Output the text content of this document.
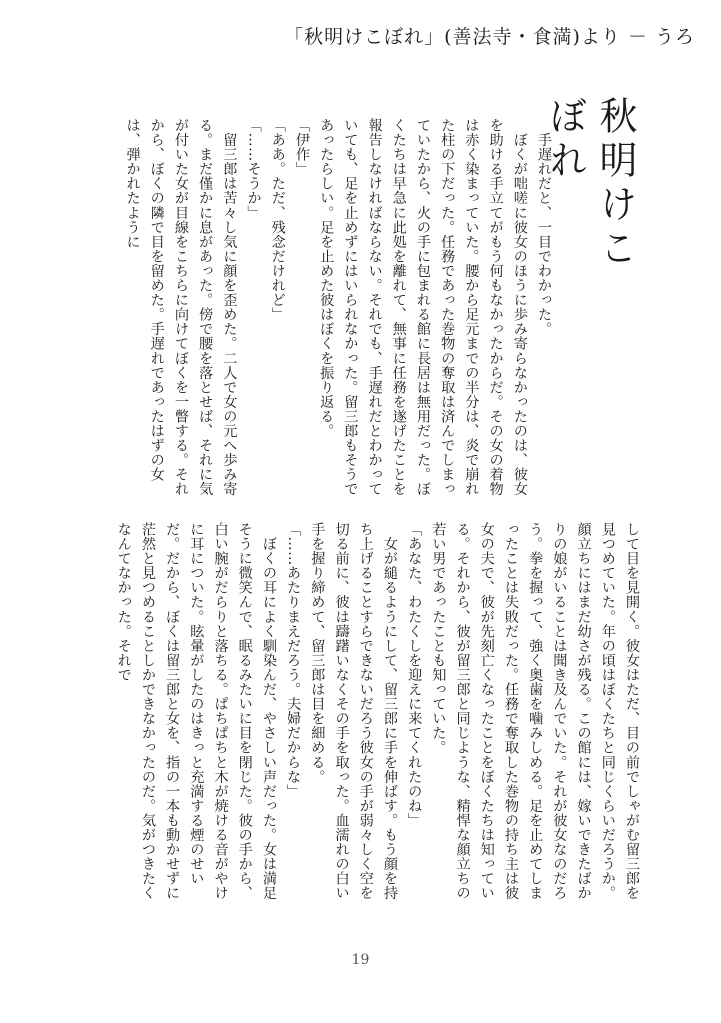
「秋明けこぼれ」(善法寺・食満)より － うろ
秋明けこぼれ

　手遅れだと、一目でわかった。

　ぼくが咄嗟に彼女のほうに歩み寄らなかったのは、彼女を助ける手立てがもう何もなかったからだ。その女の着物は赤く染まっていた。腰から足元までの半分は、炎で崩れた柱の下だった。任務であった巻物の奪取は済んでしまっていたから、火の手に包まれる館に長居は無用だった。ぼくたちは早急に此処を離れて、無事に任務を遂げたことを報告しなければならない。それでも、手遅れだとわかっていても、足を止めずにはいられなかった。留三郎もそうであったらしい。足を止めた彼はぼくを振り返る。

「伊作」

「ああ。ただ、残念だけれど」

「……そうか」

　留三郎は苦々し気に顔を歪めた。二人で女の元へ歩み寄る。まだ僅かに息があった。傍で腰を落とせば、それに気が付いた女が目線をこちらに向けてぼくを一瞥する。それから、ぼくの隣で目を留めた。手遅れであったはずの女は、弾かれたように

して目を見開く。彼女はただ、目の前でしゃがむ留三郎を見つめていた。年の頃はぼくたちと同じくらいだろうか。顔立ちにはまだ幼さが残る。この館には、嫁いできたばかりの娘がいることは聞き及んでいた。それが彼女なのだろう。拳を握って、強く奥歯を噛みしめる。足を止めてしまったことは失敗だった。任務で奪取した巻物の持ち主は彼女の夫で、彼が先刻亡くなったことをぼくたちは知っている。それから、彼が留三郎と同じような、精悍な顔立ちの若い男であったことも知っていた。

「あなた、わたくしを迎えに来てくれたのね」

　女が縋るようにして、留三郎に手を伸ばす。もう顔を持ち上げることすらできないだろう彼女の手が弱々しく空を切る前に、彼は躊躇いなくその手を取った。血濡れの白い手を握り締めて、留三郎は目を細める。

「……あたりまえだろう。夫婦だからな」

　ぼくの耳によく馴染んだ、やさしい声だった。女は満足そうに微笑んで、眠るみたいに目を閉じた。彼の手から、白い腕がだらりと落ちる。ぱちぱちと木が焼ける音がやけに耳についた。眩暈がしたのはきっと充満する煙のせいだ。だから、ぼくは留三郎と女を、指の一本も動かせずに茫然と見つめることしかできなかったのだ。気がつきたくなんてなかった。それで

19
